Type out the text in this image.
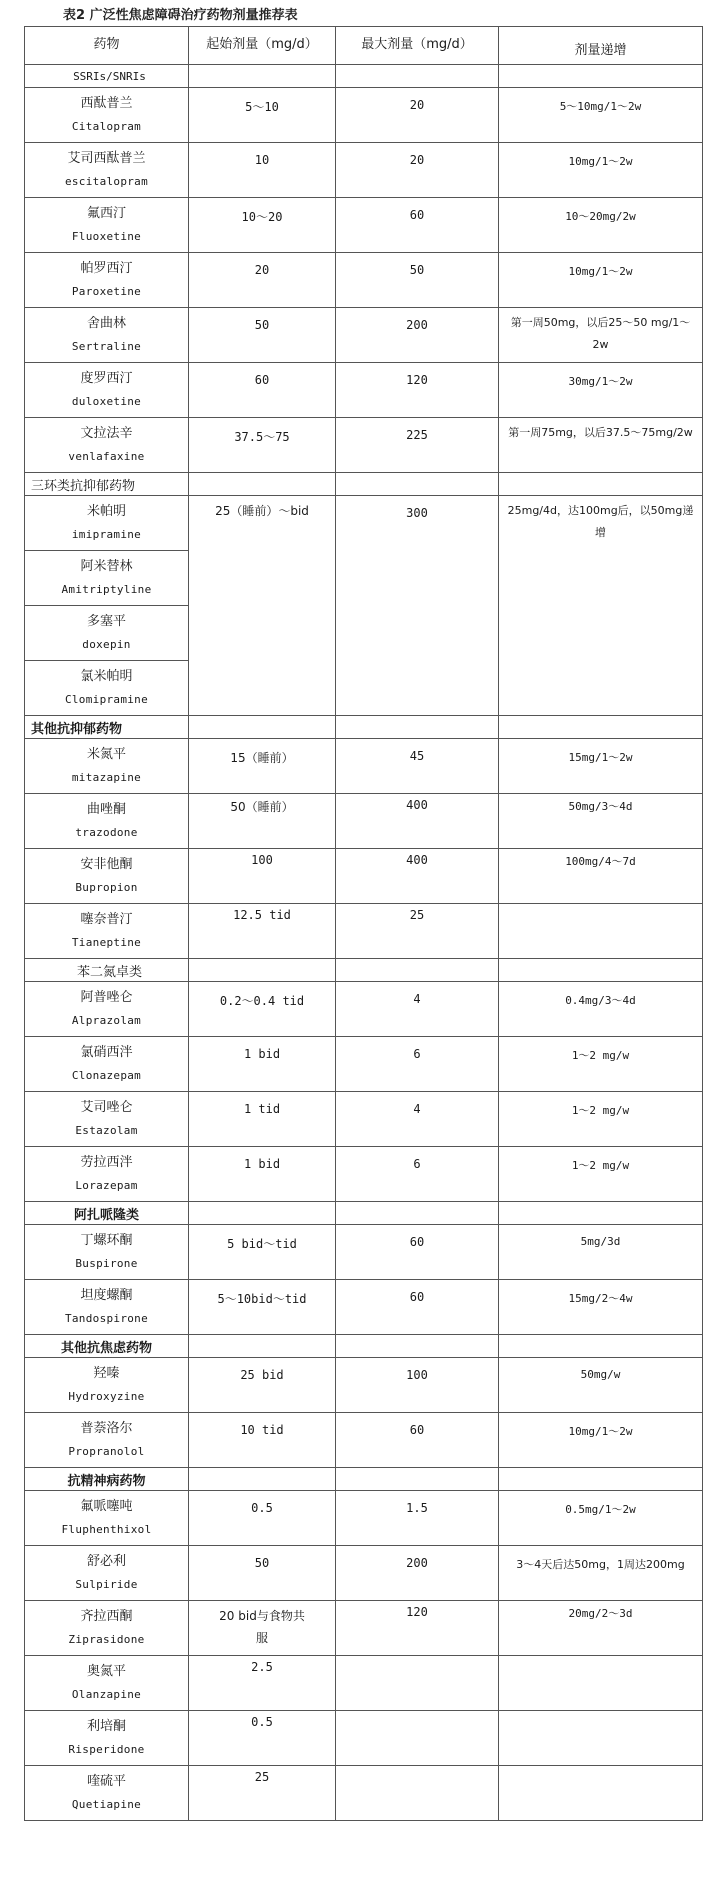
表2 广泛性焦虑障碍治疗药物剂量推荐表
药物	起始剂量（mg/d）	最大剂量（mg/d）	剂量递增

SSRIs/SNRIs			

西酞普兰
Citalopram	5～10	20	5～10mg/1～2w

艾司西酞普兰
escitalopram	10	20	10mg/1～2w

氟西汀
Fluoxetine	10～20	60	10～20mg/2w

帕罗西汀
Paroxetine	20	50	10mg/1～2w

舍曲林
Sertraline	50	200	第一周50mg，以后25～50 mg/1～2w

度罗西汀
duloxetine	60	120	30mg/1～2w

文拉法辛
venlafaxine	37.5～75	225	第一周75mg，以后37.5～75mg/2w

三环类抗抑郁药物			

米帕明
imipramine	25（睡前）～bid	300	25mg/4d，达100mg后，以50mg递增

阿米替林
Amitriptyline			

多塞平
doxepin			

氯米帕明
Clomipramine			

其他抗抑郁药物			

米氮平
mitazapine	15（睡前）	45	15mg/1～2w

曲唑酮
trazodone	50（睡前）	400	50mg/3～4d

安非他酮
Bupropion	100	400	100mg/4～7d

噻奈普汀
Tianeptine	12.5 tid	25	

苯二氮卓类			

阿普唑仑
Alprazolam	0.2～0.4 tid	4	0.4mg/3～4d

氯硝西泮
Clonazepam	1 bid	6	1～2 mg/w

艾司唑仑
Estazolam	1 tid	4	1～2 mg/w

劳拉西泮
Lorazepam	1 bid	6	1～2 mg/w

阿扎哌隆类			

丁螺环酮
Buspirone	5 bid～tid	60	5mg/3d

坦度螺酮
Tandospirone	5～10bid～tid	60	15mg/2～4w

其他抗焦虑药物			

羟嗪
Hydroxyzine	25 bid	100	50mg/w

普萘洛尔
Propranolol	10 tid	60	10mg/1～2w

抗精神病药物			

氟哌噻吨
Fluphenthixol	0.5	1.5	0.5mg/1～2w

舒必利
Sulpiride	50	200	3～4天后达50mg，1周达200mg

齐拉西酮
Ziprasidone	20 bid与食物共服	120	20mg/2～3d

奥氮平
Olanzapine	2.5		

利培酮
Risperidone	0.5		

喹硫平
Quetiapine	25		
